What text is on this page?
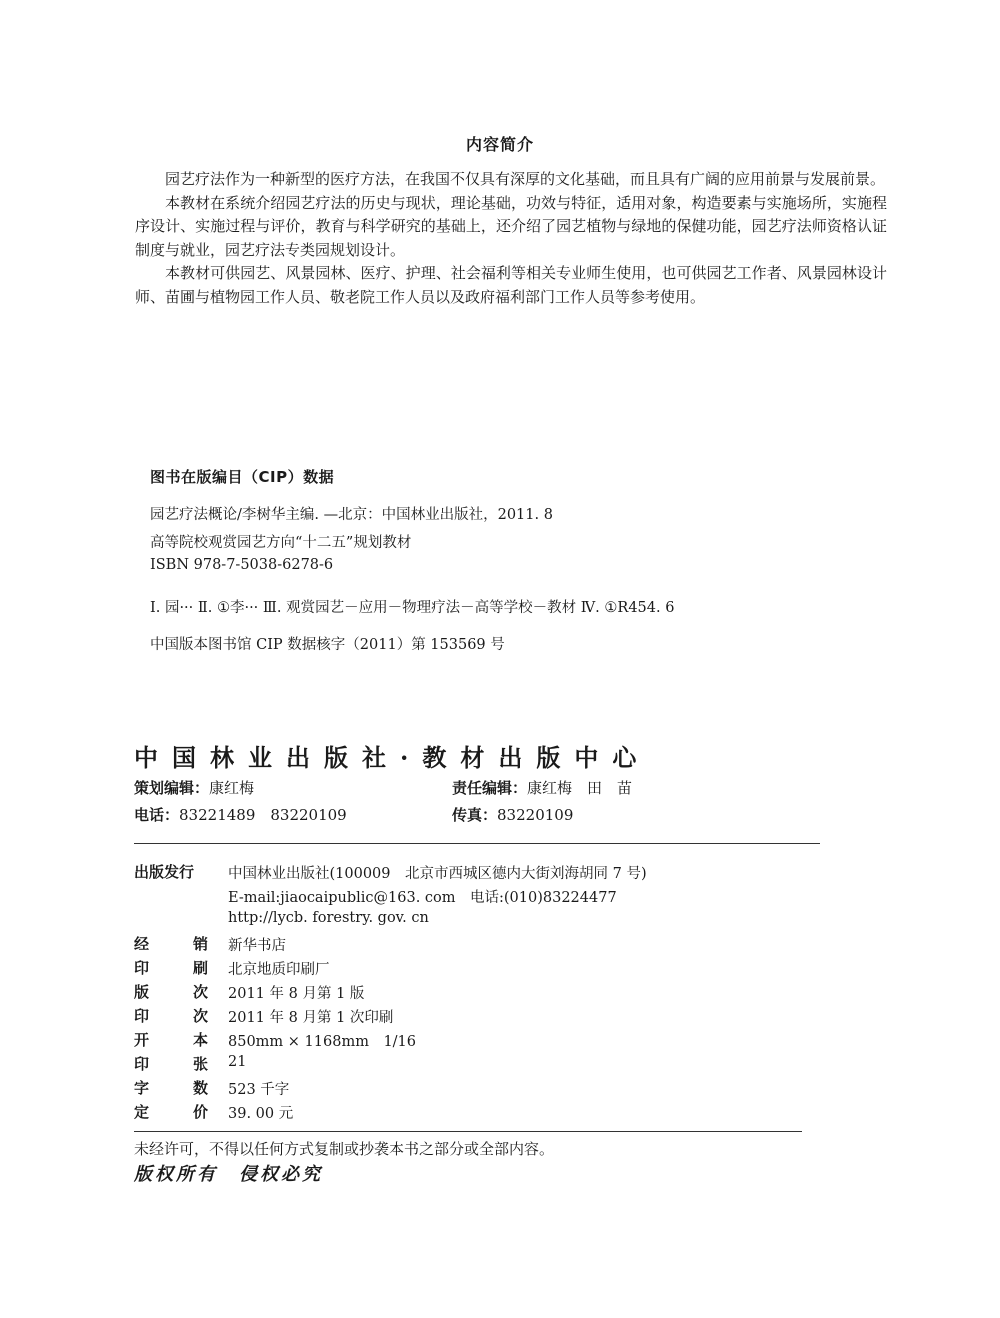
内容简介

园艺疗法作为一种新型的医疗方法，在我国不仅具有深厚的文化基础，而且具有广阔的应用前景与发展前景。

本教材在系统介绍园艺疗法的历史与现状，理论基础，功效与特征，适用对象，构造要素与实施场所，实施程序设计、实施过程与评价，教育与科学研究的基础上，还介绍了园艺植物与绿地的保健功能，园艺疗法师资格认证制度与就业，园艺疗法专类园规划设计。

本教材可供园艺、风景园林、医疗、护理、社会福利等相关专业师生使用，也可供园艺工作者、风景园林设计师、苗圃与植物园工作人员、敬老院工作人员以及政府福利部门工作人员等参考使用。

图书在版编目（CIP）数据
园艺疗法概论/李树华主编. —北京：中国林业出版社，2011. 8
高等院校观赏园艺方向“十二五”规划教材
ISBN 978-7-5038-6278-6
Ⅰ. 园··· Ⅱ. ①李··· Ⅲ. 观赏园艺－应用－物理疗法－高等学校－教材 Ⅳ. ①R454. 6
中国版本图书馆 CIP 数据核字（2011）第 153569 号
中国林业出版社·教材出版中心
策划编辑：康红梅	责任编辑：康红梅　田　苗
电话：83221489　83220109	传真：83220109
出版发行	中国林业出版社(100009　北京市西城区德内大街刘海胡同 7 号)
E-mail:jiaocaipublic@163. com　电话:(010)83224477
http://lycb. forestry. gov. cn
经	销 新华书店
印	刷 北京地质印刷厂
版	次 2011 年 8 月第 1 版
印	次 2011 年 8 月第 1 次印刷
开	本 850mm × 1168mm　1/16
印	张 21
字	数 523 千字
定	价 39. 00 元
未经许可，不得以任何方式复制或抄袭本书之部分或全部内容。
版权所有　侵权必究
